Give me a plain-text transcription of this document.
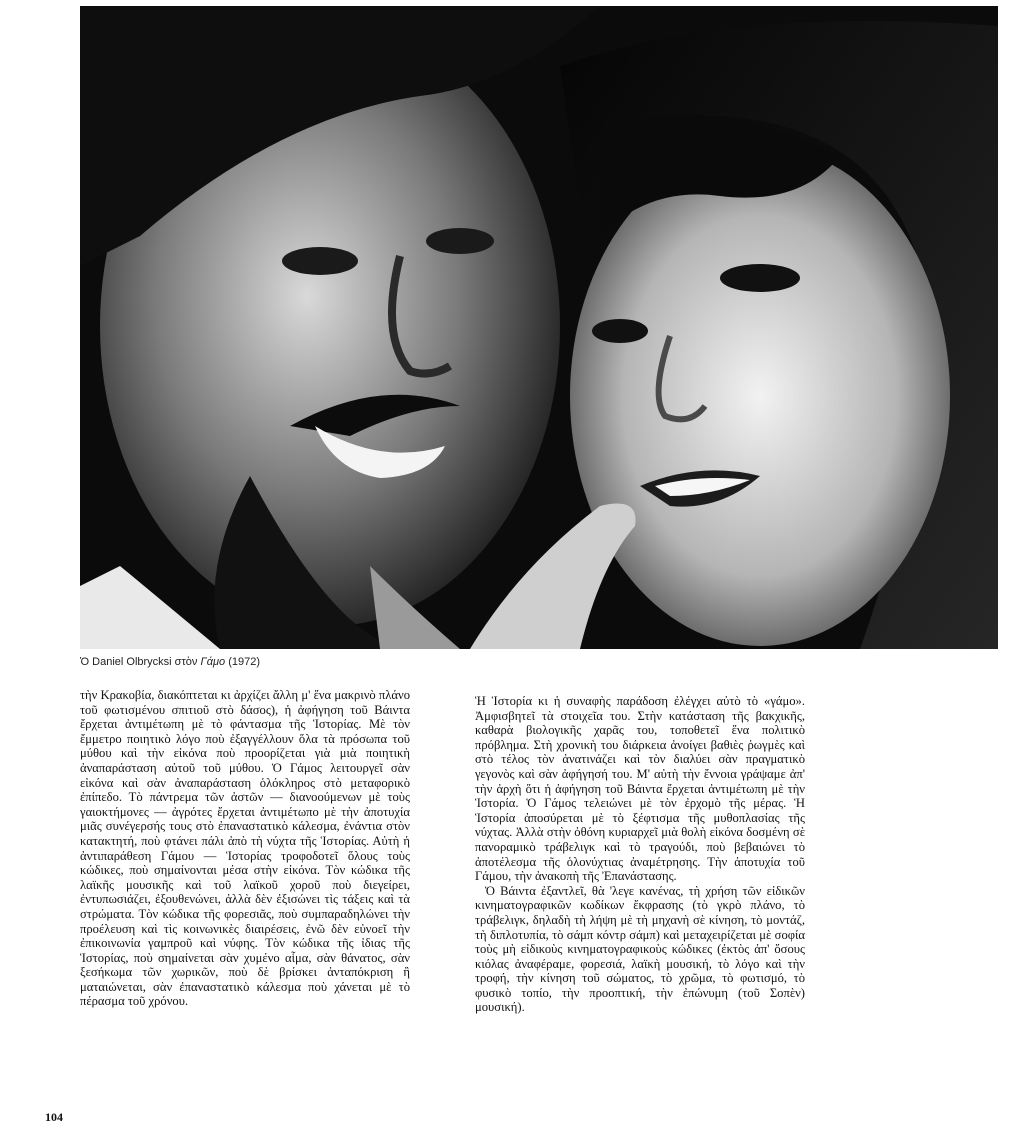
Ὁ Daniel Olbrycksi στὸν Γάμο (1972)

τὴν Κρακοβία, διακόπτεται κι ἀρχίζει ἄλλη μ' ἕνα μακρινὸ πλάνο τοῦ φωτισμένου σπιτιοῦ στὸ δάσος), ἡ ἀφήγηση τοῦ Βάιντα ἔρχεται ἀντιμέτωπη μὲ τὸ φάντασμα τῆς Ἱστορίας. Μὲ τὸν ἔμμετρο ποιητικὸ λόγο ποὺ ἐξαγγέλλουν ὅλα τὰ πρόσωπα τοῦ μύθου καὶ τὴν εἰκόνα ποὺ προορίζεται γιὰ μιὰ ποιητικὴ ἀναπαράσταση αὐτοῦ τοῦ μύθου. Ὁ Γάμος λειτουργεῖ σὰν εἰκόνα καὶ σὰν ἀναπαράσταση ὁλόκληρος στὸ μεταφορικὸ ἐπίπεδο. Τὸ πάντρεμα τῶν ἀστῶν — διανοούμενων μὲ τοὺς γαιοκτήμονες — ἀγρότες ἔρχεται ἀντιμέτωπο μὲ τὴν ἀποτυχία μιᾶς συνέγερσής τους στὸ ἐπαναστατικὸ κάλεσμα, ἐνάντια στὸν κατακτητή, ποὺ φτάνει πάλι ἀπὸ τὴ νύχτα τῆς Ἱστορίας. Αὐτὴ ἡ ἀντιπαράθεση Γάμου — Ἱστορίας τροφοδοτεῖ ὅλους τοὺς κώδικες, ποὺ σημαίνονται μέσα στὴν εἰκόνα. Τὸν κώδικα τῆς λαϊκῆς μουσικῆς καὶ τοῦ λαϊκοῦ χοροῦ ποὺ διεγείρει, ἐντυπωσιάζει, ἐξουθενώνει, ἀλλὰ δὲν ἐξισώνει τὶς τάξεις καὶ τὰ στρώματα. Τὸν κώδικα τῆς φορεσιᾶς, ποὺ συμπαραδηλώνει τὴν προέλευση καὶ τὶς κοινωνικὲς διαιρέσεις, ἐνῶ δὲν εὐνοεῖ τὴν ἐπικοινωνία γαμπροῦ καὶ νύφης. Τὸν κώδικα τῆς ἰδιας τῆς Ἱστορίας, ποὺ σημαίνεται σὰν χυμένο αἷμα, σὰν θάνατος, σὰν ξεσήκωμα τῶν χωρικῶν, ποὺ δὲ βρίσκει ἀνταπόκριση ἢ ματαιώνεται, σὰν ἐπαναστατικὸ κάλεσμα ποὺ χάνεται μὲ τὸ πέρασμα τοῦ χρόνου.

Ἡ Ἱστορία κι ἡ συναφὴς παράδοση ἐλέγχει αὐτὸ τὸ «γάμο». Ἀμφισβητεῖ τὰ στοιχεῖα του. Στὴν κατάσταση τῆς βακχικῆς, καθαρὰ βιολογικῆς χαρᾶς του, τοποθετεῖ ἕνα πολιτικὸ πρόβλημα. Στὴ χρονικὴ του διάρκεια ἀνοίγει βαθιὲς ῥωγμὲς καὶ στὸ τέλος τὸν ἀνατινάζει καὶ τὸν διαλύει σὰν πραγματικὸ γεγονὸς καὶ σὰν ἀφήγησή του. Μ' αὐτὴ τὴν ἔννοια γράψαμε ἀπ' τὴν ἀρχὴ ὅτι ἡ ἀφήγηση τοῦ Βάιντα ἔρχεται ἀντιμέτωπη μὲ τὴν Ἱστορία. Ὁ Γάμος τελειώνει μὲ τὸν ἐρχομὸ τῆς μέρας. Ἡ Ἱστορία ἀποσύρεται μὲ τὸ ξέφτισμα τῆς μυθοπλασίας τῆς νύχτας. Ἀλλὰ στὴν ὀθόνη κυριαρχεῖ μιὰ θολὴ εἰκόνα δοσμένη σὲ πανοραμικὸ τράβελιγκ καὶ τὸ τραγούδι, ποὺ βεβαιώνει τὸ ἀποτέλεσμα τῆς ὁλονύχτιας ἀναμέτρησης. Τὴν ἀποτυχία τοῦ Γάμου, τὴν ἀνακοπὴ τῆς Ἐπανάστασης.

Ὁ Βάιντα ἐξαντλεῖ, θὰ 'λεγε κανένας, τὴ χρήση τῶν εἰδικῶν κινηματογραφικῶν κωδίκων ἔκφρασης (τὸ γκρὸ πλάνο, τὸ τράβελιγκ, δηλαδὴ τὴ λήψη μὲ τὴ μηχανὴ σὲ κίνηση, τὸ μοντάζ, τὴ διπλοτυπία, τὸ σάμπ κόντρ σάμπ) καὶ μεταχειρίζεται μὲ σοφία τοὺς μὴ εἰδικοὺς κινηματογραφικοὺς κώδικες (ἐκτὸς ἀπ' ὅσους κιόλας ἀναφέραμε, φορεσιά, λαϊκὴ μουσική, τὸ λόγο καὶ τὴν τροφή, τὴν κίνηση τοῦ σώματος, τὸ χρῶμα, τὸ φωτισμό, τὸ φυσικὸ τοπίο, τὴν προοπτική, τὴν ἐπώνυμη (τοῦ Σοπὲν) μουσική).

104
